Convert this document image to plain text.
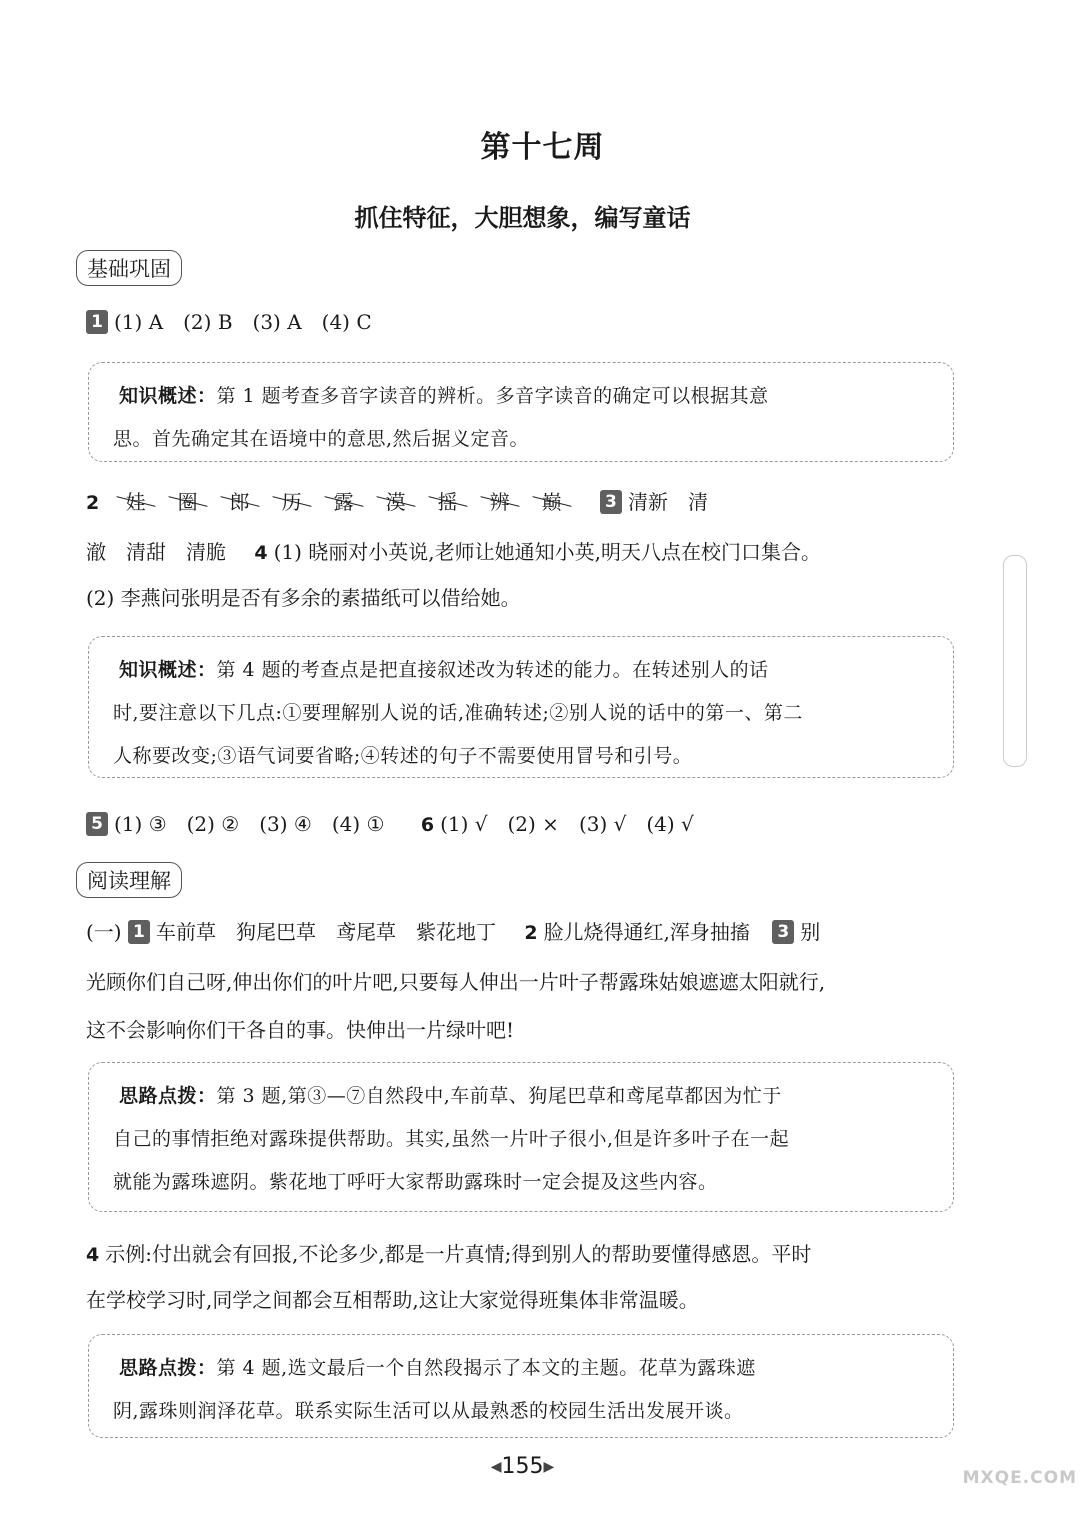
第十七周
抓住特征，大胆想象，编写童话
基础巩固
1 (1) A　(2) B　(3) A　(4) C
知识概述：第 1 题考查多音字读音的辨析。多音字读音的确定可以根据其意
思。首先确定其在语境中的意思,然后据义定音。
2 娃 圈 郎 历 露 漠 摇 辨 巅	3 清新　清
澈　清甜　清脆 4 (1) 晓丽对小英说,老师让她通知小英,明天八点在校门口集合。
(2) 李燕问张明是否有多余的素描纸可以借给她。
知识概述：第 4 题的考查点是把直接叙述改为转述的能力。在转述别人的话
时,要注意以下几点:①要理解别人说的话,准确转述;②别人说的话中的第一、第二
人称要改变;③语气词要省略;④转述的句子不需要使用冒号和引号。
5 (1) ③　(2) ②　(3) ④　(4) ① 6 (1) √　(2) ×　(3) √　(4) √
阅读理解
(一) 1 车前草　狗尾巴草　鸢尾草　紫花地丁 2 脸儿烧得通红,浑身抽搐 3 别
光顾你们自己呀,伸出你们的叶片吧,只要每人伸出一片叶子帮露珠姑娘遮遮太阳就行,
这不会影响你们干各自的事。快伸出一片绿叶吧!
思路点拨：第 3 题,第③—⑦自然段中,车前草、狗尾巴草和鸢尾草都因为忙于
自己的事情拒绝对露珠提供帮助。其实,虽然一片叶子很小,但是许多叶子在一起
就能为露珠遮阴。紫花地丁呼吁大家帮助露珠时一定会提及这些内容。
4 示例:付出就会有回报,不论多少,都是一片真情;得到别人的帮助要懂得感恩。平时
在学校学习时,同学之间都会互相帮助,这让大家觉得班集体非常温暖。
思路点拨：第 4 题,选文最后一个自然段揭示了本文的主题。花草为露珠遮
阴,露珠则润泽花草。联系实际生活可以从最熟悉的校园生活出发展开谈。
◀155▶
MXQE.COM
